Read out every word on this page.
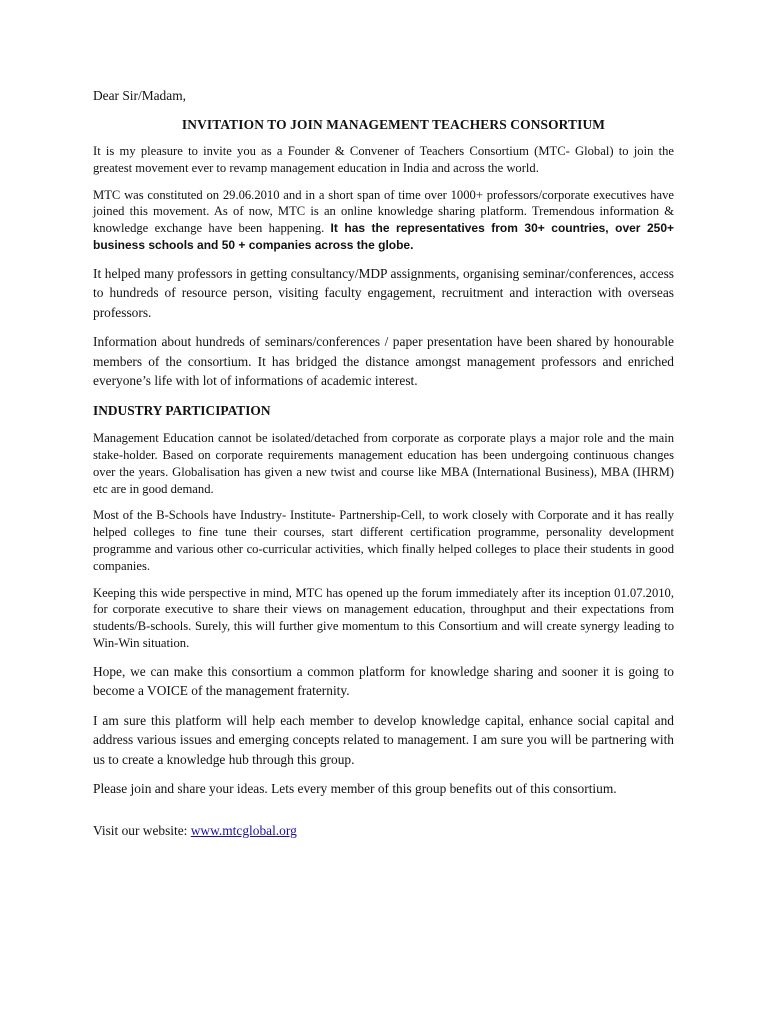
Dear Sir/Madam,

INVITATION TO JOIN MANAGEMENT TEACHERS CONSORTIUM

It is my pleasure to invite you as a Founder & Convener of Teachers Consortium (MTC- Global) to join the greatest movement ever to revamp management education in India and across the world.

MTC was constituted on 29.06.2010 and in a short span of time over 1000+ professors/corporate executives have joined this movement. As of now, MTC is an online knowledge sharing platform. Tremendous information & knowledge exchange have been happening. It has the representatives from 30+ countries, over 250+ business schools and 50 + companies across the globe.

It helped many professors in getting consultancy/MDP assignments, organising seminar/conferences, access to hundreds of resource person, visiting faculty engagement, recruitment and interaction with overseas professors.

Information about hundreds of seminars/conferences / paper presentation have been shared by honourable members of the consortium. It has bridged the distance amongst management professors and enriched everyone’s life with lot of informations of academic interest.

INDUSTRY PARTICIPATION

Management Education cannot be isolated/detached from corporate as corporate plays a major role and the main stake-holder. Based on corporate requirements management education has been undergoing continuous changes over the years. Globalisation has given a new twist and course like MBA (International Business), MBA (IHRM) etc are in good demand.

Most of the B-Schools have Industry- Institute- Partnership-Cell, to work closely with Corporate and it has really helped colleges to fine tune their courses, start different certification programme, personality development programme and various other co-curricular activities, which finally helped colleges to place their students in good companies.

Keeping this wide perspective in mind, MTC has opened up the forum immediately after its inception 01.07.2010, for corporate executive to share their views on management education, throughput and their expectations from students/B-schools. Surely, this will further give momentum to this Consortium and will create synergy leading to Win-Win situation.

Hope, we can make this consortium a common platform for knowledge sharing and sooner it is going to become a VOICE of the management fraternity.

I am sure this platform will help each member to develop knowledge capital, enhance social capital and address various issues and emerging concepts related to management. I am sure you will be partnering with us to create a knowledge hub through this group.

Please join and share your ideas. Lets every member of this group benefits out of this consortium.

Visit our website: www.mtcglobal.org
